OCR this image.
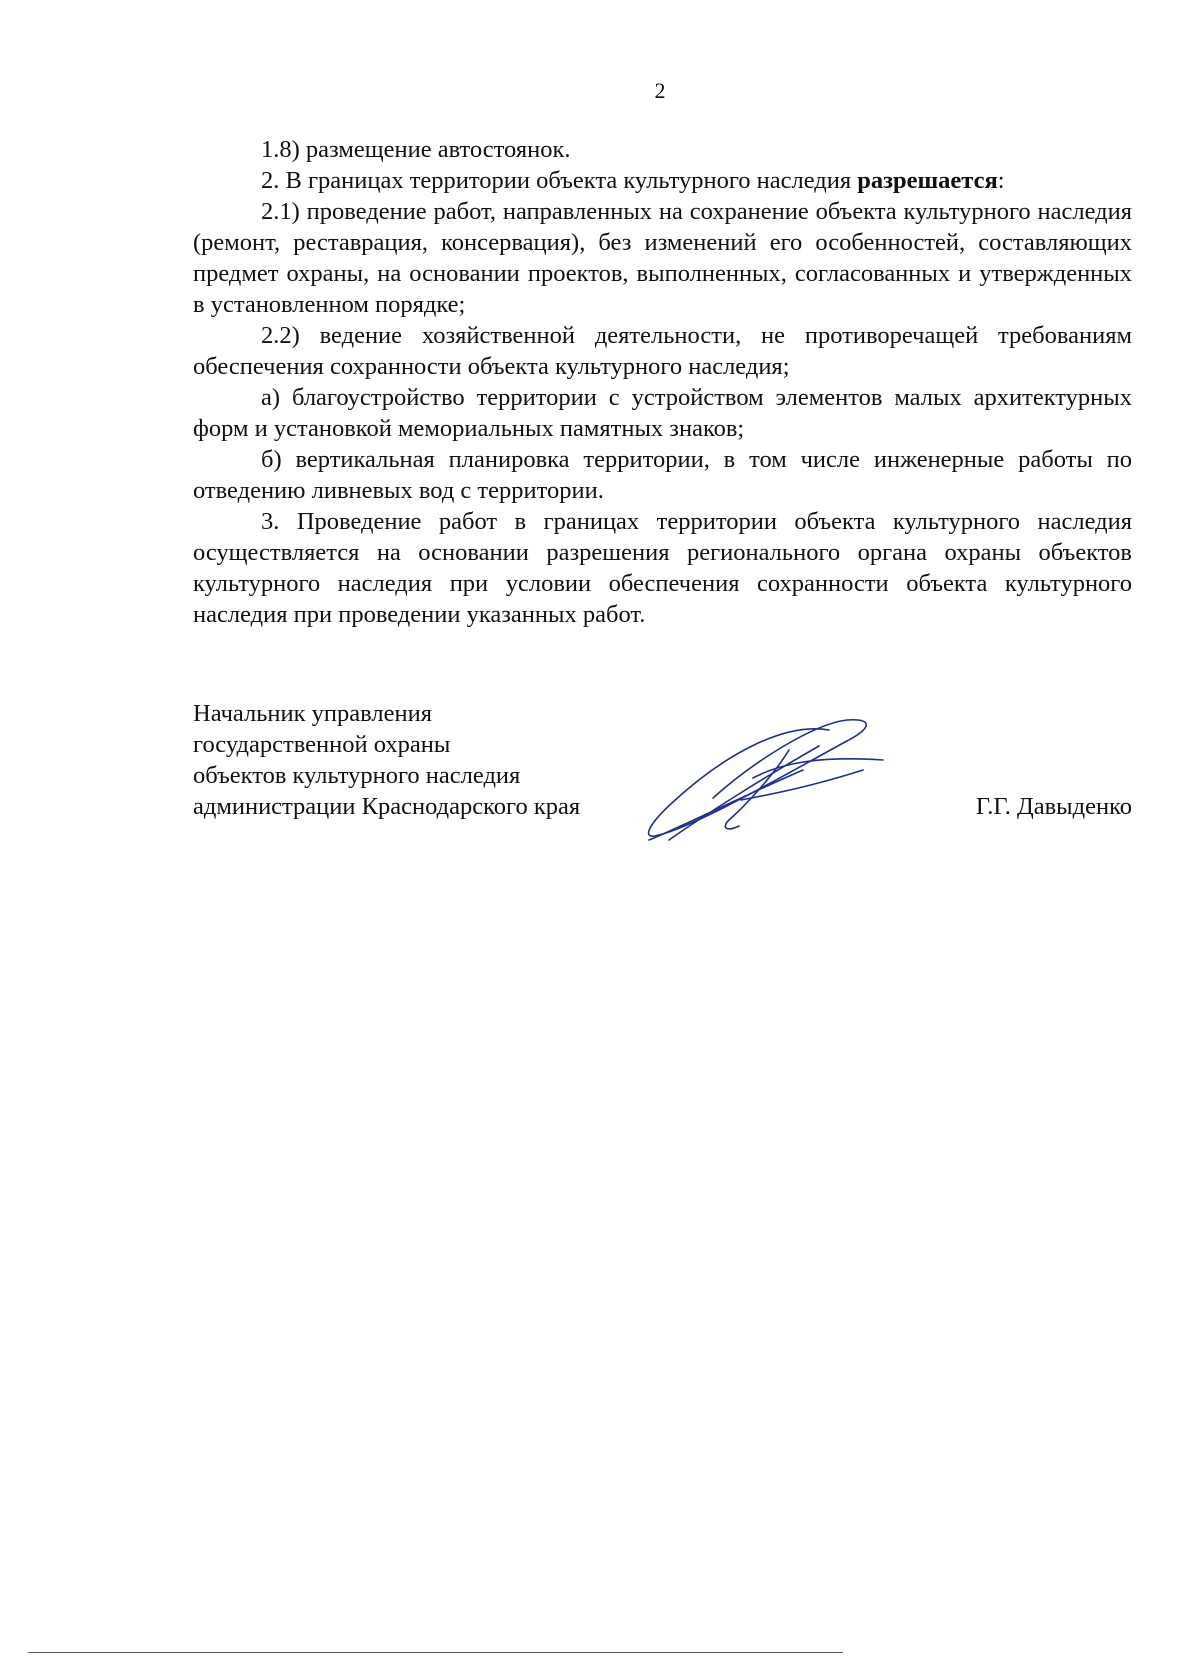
2

1.8) размещение автостоянок.

2. В границах территории объекта культурного наследия разрешается:

2.1) проведение работ, направленных на сохранение объекта культурного наследия (ремонт, реставрация, консервация), без изменений его особенностей, составляющих предмет охраны, на основании проектов, выполненных, согласованных и утвержденных в установленном порядке;

2.2) ведение хозяйственной деятельности, не противоречащей требованиям обеспечения сохранности объекта культурного наследия;

а) благоустройство территории с устройством элементов малых архитектурных форм и установкой мемориальных памятных знаков;

б) вертикальная планировка территории, в том числе инженерные работы по отведению ливневых вод с территории.

3. Проведение работ в границах территории объекта культурного наследия осуществляется на основании разрешения регионального органа охраны объектов культурного наследия при условии обеспечения сохранности объекта культурного наследия при проведении указанных работ.

Начальник управления
государственной охраны
объектов культурного наследия
администрации Краснодарского края	Г.Г. Давыденко
